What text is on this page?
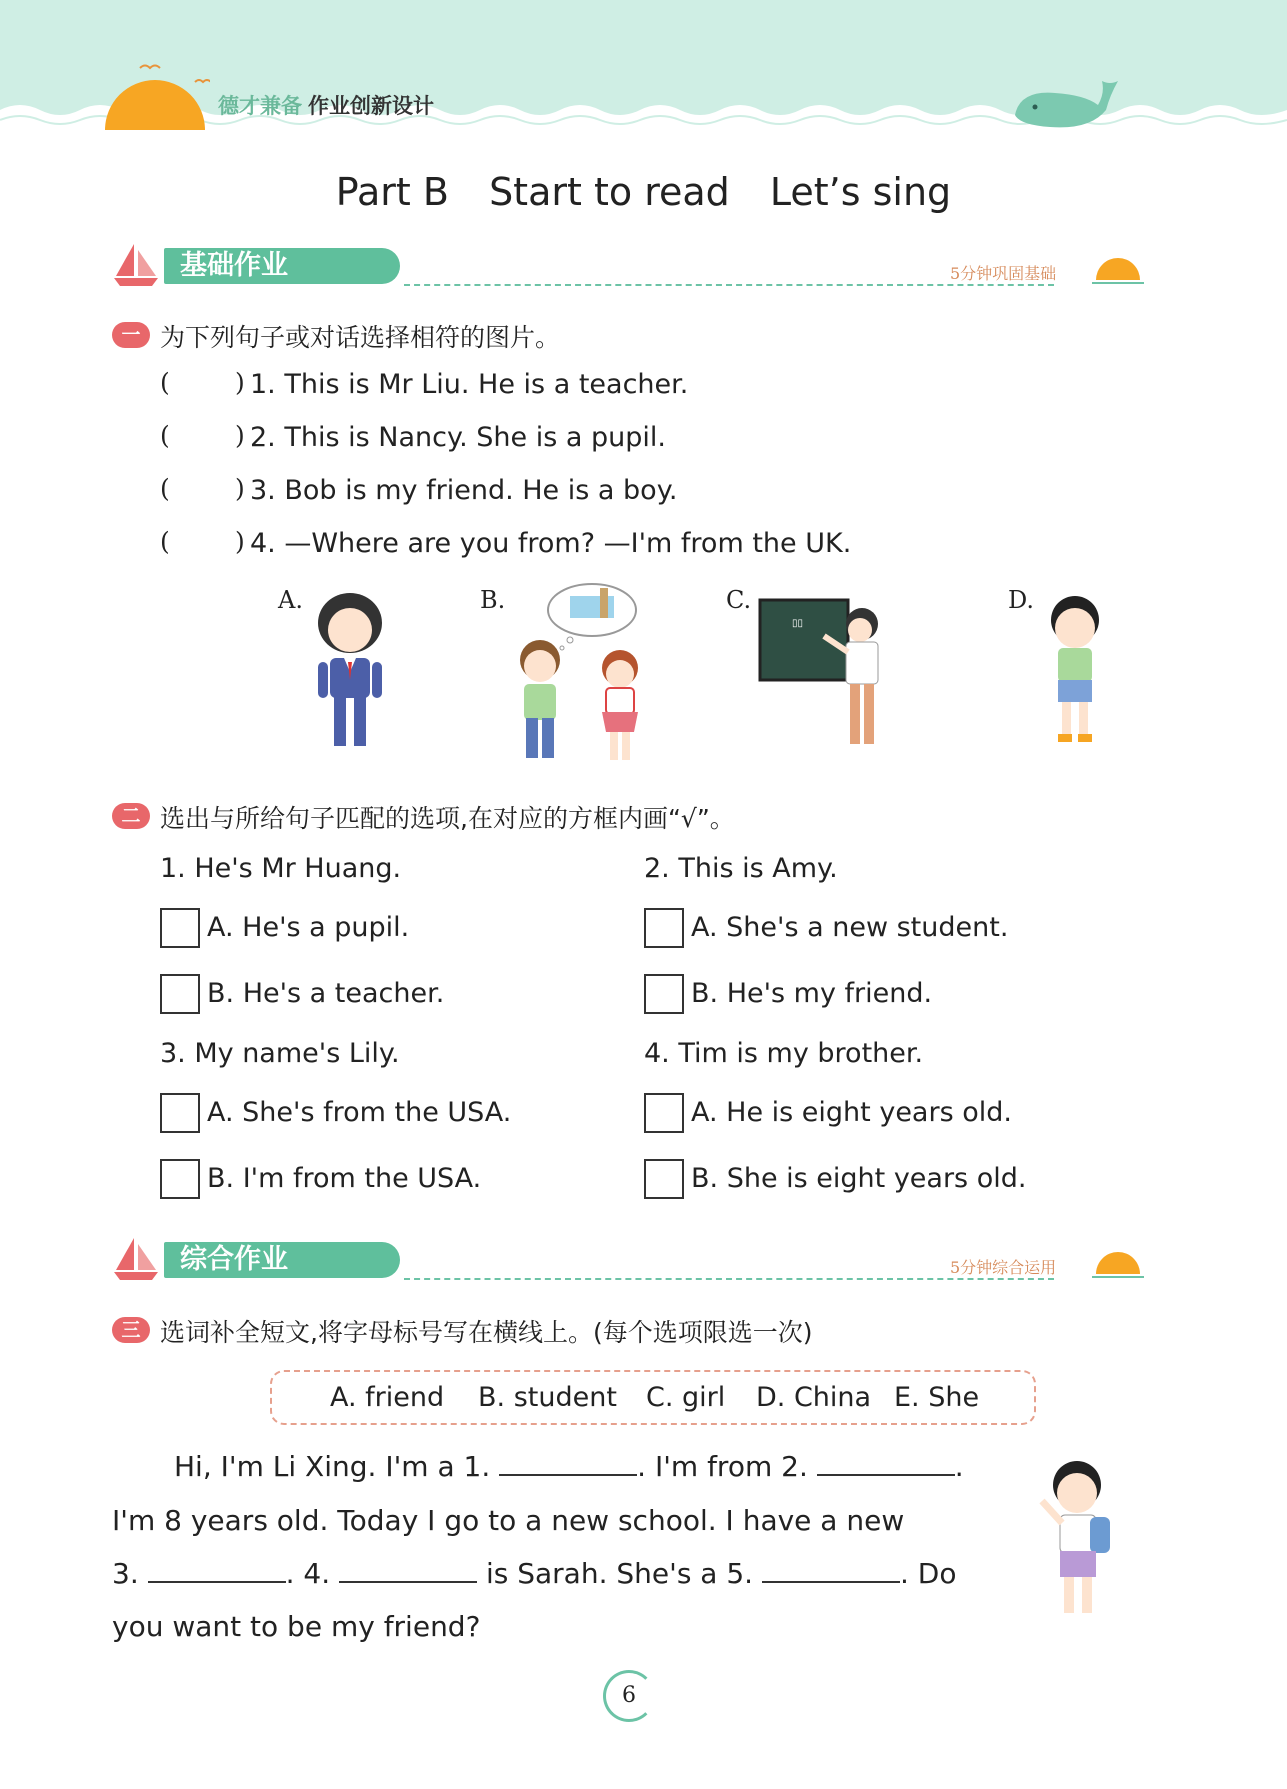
德才兼备 作业创新设计
Part B Start to read Let’s sing
基础作业	5分钟巩固基础
一 为下列句子或对话选择相符的图片。
(	) 1. This is Mr Liu. He is a teacher.
(	) 2. This is Nancy. She is a pupil.
(	) 3. Bob is my friend. He is a boy.
(	) 4. —Where are you from? —I'm from the UK.
A.	B.	C.
▯▯
D.
二 选出与所给句子匹配的选项,在对应的方框内画“√”。
1. He's Mr Huang.
A. He's a pupil.
B. He's a teacher.
2. This is Amy.
A. She's a new student.
B. He's my friend.
3. My name's Lily.
A. She's from the USA.
B. I'm from the USA.
4. Tim is my brother.
A. He is eight years old.
B. She is eight years old.
综合作业	5分钟综合运用
三 选词补全短文,将字母标号写在横线上。(每个选项限选一次)
A. friend B. student C. girl D. China E. She
Hi, I'm Li Xing. I'm a 1.	. I'm from 2.	.
I'm 8 years old. Today I go to a new school. I have a new
3.	. 4.	is Sarah. She's a 5.	. Do
you want to be my friend?
6
